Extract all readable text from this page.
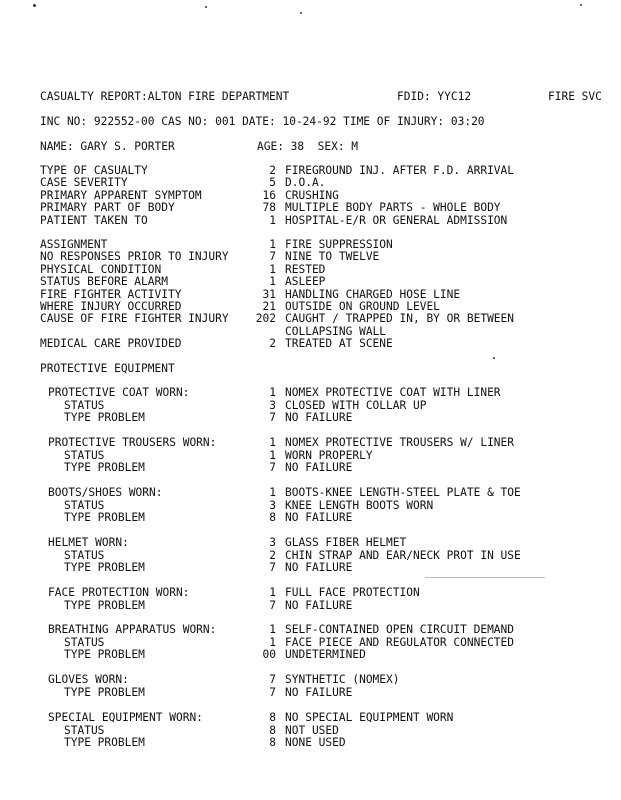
CASUALTY REPORT:ALTON FIRE DEPARTMENT	FDID: YYC12	FIRE SVC
INC NO: 922552-00 CAS NO: 001 DATE: 10-24-92 TIME OF INJURY: 03:20
NAME: GARY S. PORTER	AGE: 38  SEX: M
TYPE OF CASUALTY	2 FIREGROUND INJ. AFTER F.D. ARRIVAL
CASE SEVERITY	5 D.O.A.
PRIMARY APPARENT SYMPTOM	16 CRUSHING
PRIMARY PART OF BODY	78 MULTIPLE BODY PARTS - WHOLE BODY
PATIENT TAKEN TO	1 HOSPITAL-E/R OR GENERAL ADMISSION
ASSIGNMENT	1 FIRE SUPPRESSION
NO RESPONSES PRIOR TO INJURY	7 NINE TO TWELVE
PHYSICAL CONDITION	1 RESTED
STATUS BEFORE ALARM	1 ASLEEP
FIRE FIGHTER ACTIVITY	31 HANDLING CHARGED HOSE LINE
WHERE INJURY OCCURRED	21 OUTSIDE ON GROUND LEVEL
CAUSE OF FIRE FIGHTER INJURY	202 CAUGHT / TRAPPED IN, BY OR BETWEEN
COLLAPSING WALL
MEDICAL CARE PROVIDED	2 TREATED AT SCENE
PROTECTIVE EQUIPMENT
PROTECTIVE COAT WORN:	1 NOMEX PROTECTIVE COAT WITH LINER
STATUS	3 CLOSED WITH COLLAR UP
TYPE PROBLEM	7 NO FAILURE
PROTECTIVE TROUSERS WORN:	1 NOMEX PROTECTIVE TROUSERS W/ LINER
STATUS	1 WORN PROPERLY
TYPE PROBLEM	7 NO FAILURE
BOOTS/SHOES WORN:	1 BOOTS-KNEE LENGTH-STEEL PLATE & TOE
STATUS	3 KNEE LENGTH BOOTS WORN
TYPE PROBLEM	8 NO FAILURE
HELMET WORN:	3 GLASS FIBER HELMET
STATUS	2 CHIN STRAP AND EAR/NECK PROT IN USE
TYPE PROBLEM	7 NO FAILURE
FACE PROTECTION WORN:	1 FULL FACE PROTECTION
TYPE PROBLEM	7 NO FAILURE
BREATHING APPARATUS WORN:	1 SELF-CONTAINED OPEN CIRCUIT DEMAND
STATUS	1 FACE PIECE AND REGULATOR CONNECTED
TYPE PROBLEM	00 UNDETERMINED
GLOVES WORN:	7 SYNTHETIC (NOMEX)
TYPE PROBLEM	7 NO FAILURE
SPECIAL EQUIPMENT WORN:	8 NO SPECIAL EQUIPMENT WORN
STATUS	8 NOT USED
TYPE PROBLEM	8 NONE USED
